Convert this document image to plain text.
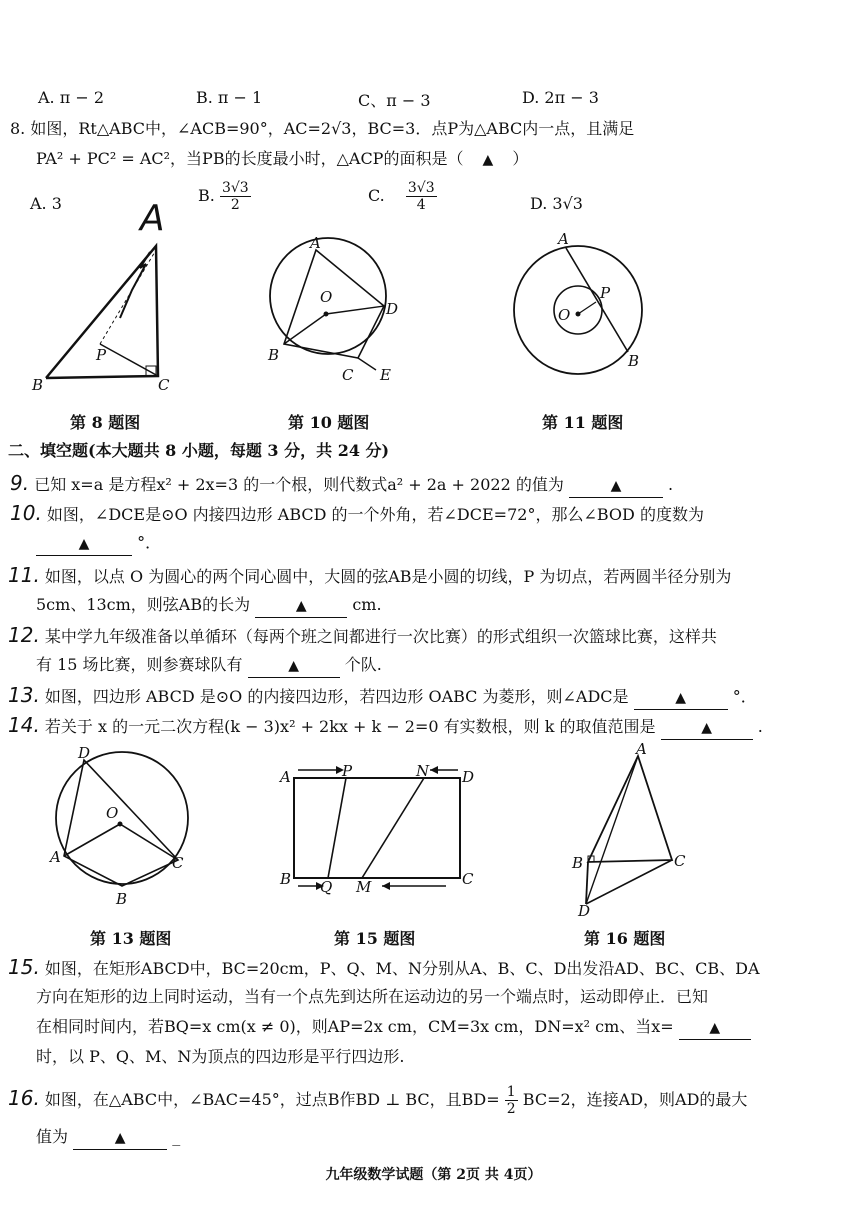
A. π − 2	B. π − 1	C、π − 3	D. 2π − 3
8. 如图，Rt△ABC中，∠ACB=90°，AC=2√3，BC=3．点P为△ABC内一点，且满足
PA² + PC² = AC²，当PB的长度最小时，△ACP的面积是（ ▲ ）
A. 3	B. $\frac{3√3}{2}$	C. $\frac{3√3}{4}$	D. 3√3
A
B	C
P
第 8 题图
A
O
D
B
C E
第 10 题图
A
P
O
B
第 11 题图
二、填空题(本大题共 8 小题，每题 3 分，共 24 分)
9. 已知 x=a 是方程x² + 2x=3 的一个根，则代数式a² + 2a + 2022 的值为	▲	.
10. 如图，∠DCE是⊙O 内接四边形 ABCD 的一个外角，若∠DCE=72°，那么∠BOD 的度数为
▲	°．
11. 如图，以点 O 为圆心的两个同心圆中，大圆的弦AB是小圆的切线，P 为切点，若两圆半径分别为
5cm、13cm，则弦AB的长为	▲	cm.
12. 某中学九年级准备以单循环（每两个班之间都进行一次比赛）的形式组织一次篮球比赛，这样共
有 15 场比赛，则参赛球队有	▲	个队.
13. 如图，四边形 ABCD 是⊙O 的内接四边形，若四边形 OABC 为菱形，则∠ADC是	▲	°．
14. 若关于 x 的一元二次方程(k − 3)x² + 2kx + k − 2=0 有实数根，则 k 的取值范围是	▲	.
D
O
A	C
B
第 13 题图
A	P	N D
B Q M	C
第 15 题图
A
B	C
D
第 16 题图
15. 如图，在矩形ABCD中，BC=20cm，P、Q、M、N分别从A、B、C、D出发沿AD、BC、CB、DA
方向在矩形的边上同时运动，当有一个点先到达所在运动边的另一个端点时，运动即停止．已知
在相同时间内，若BQ=x cm(x ≠ 0)，则AP=2x cm，CM=3x cm，DN=x² cm、当x=	▲
时，以 P、Q、M、N为顶点的四边形是平行四边形.
16. 如图，在△ABC中，∠BAC=45°，过点B作BD ⊥ BC，且$BD= \frac{1}{2} BC=2$，连接AD，则AD的最大
值为	▲	_
九年级数学试题（第 2页 共 4页）
